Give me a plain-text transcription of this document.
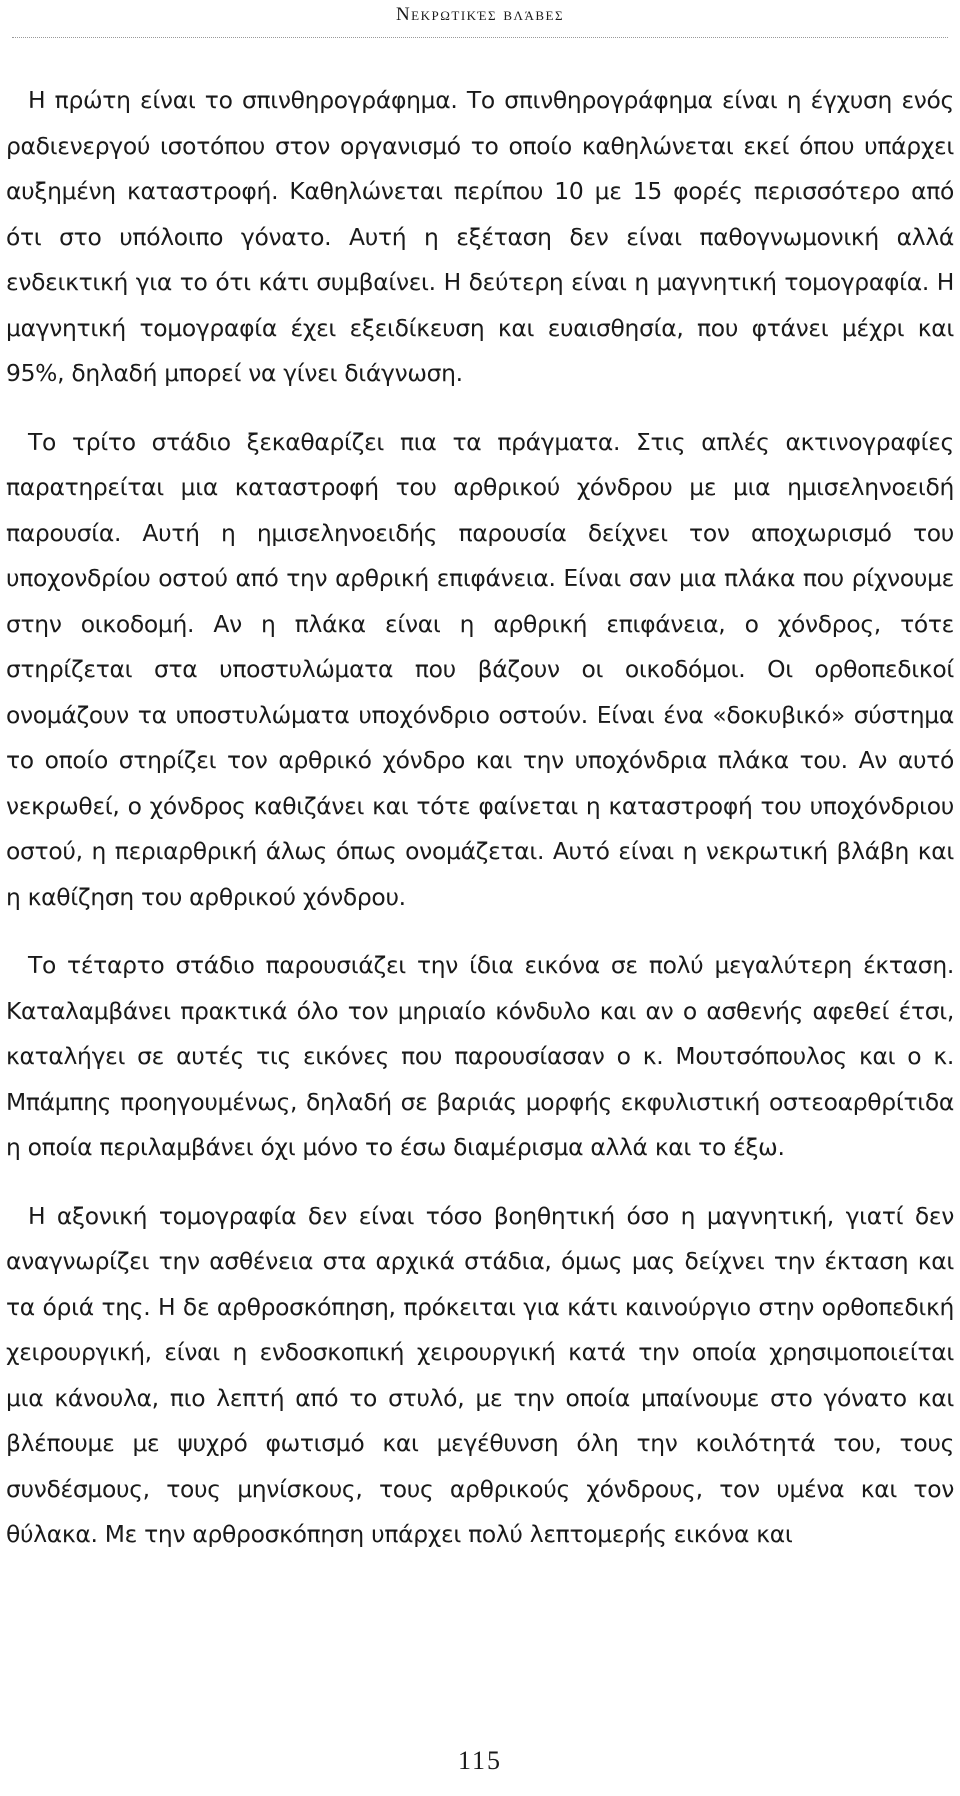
Νεκρωτικές βλάβες

Η πρώτη είναι το σπινθηρογράφημα. Το σπινθηρογράφημα είναι η έγχυση ενός ραδιενεργού ισοτόπου στον οργανισμό το οποίο καθηλώνεται εκεί όπου υπάρχει αυξημένη καταστροφή. Καθηλώνεται περίπου 10 με 15 φορές περισσότερο από ότι στο υπόλοιπο γόνατο. Αυτή η εξέταση δεν είναι παθογνωμονική αλλά ενδεικτική για το ότι κάτι συμβαίνει. Η δεύτερη είναι η μαγνητική τομογραφία. Η μαγνητική τομογραφία έχει εξειδίκευση και ευαισθησία, που φτάνει μέχρι και 95%, δηλαδή μπορεί να γίνει διάγνωση.

Το τρίτο στάδιο ξεκαθαρίζει πια τα πράγματα. Στις απλές ακτινογραφίες παρατηρείται μια καταστροφή του αρθρικού χόνδρου με μια ημισεληνοειδή παρουσία. Αυτή η ημισεληνοειδής παρουσία δείχνει τον αποχωρισμό του υποχονδρίου οστού από την αρθρική επιφάνεια. Είναι σαν μια πλάκα που ρίχνουμε στην οικοδομή. Αν η πλάκα είναι η αρθρική επιφάνεια, ο χόνδρος, τότε στηρίζεται στα υποστυλώματα που βάζουν οι οικοδόμοι. Οι ορθοπεδικοί ονομάζουν τα υποστυλώματα υποχόνδριο οστούν. Είναι ένα «δοκυβικό» σύστημα το οποίο στηρίζει τον αρθρικό χόνδρο και την υποχόνδρια πλάκα του. Αν αυτό νεκρωθεί, ο χόνδρος καθιζάνει και τότε φαίνεται η καταστροφή του υποχόνδριου οστού, η περιαρθρική άλως όπως ονομάζεται. Αυτό είναι η νεκρωτική βλάβη και η καθίζηση του αρθρικού χόνδρου.

Το τέταρτο στάδιο παρουσιάζει την ίδια εικόνα σε πολύ μεγαλύτερη έκταση. Καταλαμβάνει πρακτικά όλο τον μηριαίο κόνδυλο και αν ο ασθενής αφεθεί έτσι, καταλήγει σε αυτές τις εικόνες που παρουσίασαν ο κ. Μουτσόπουλος και ο κ. Μπάμπης προηγουμένως, δηλαδή σε βαριάς μορφής εκφυλιστική οστεοαρθρίτιδα η οποία περιλαμβάνει όχι μόνο το έσω διαμέρισμα αλλά και το έξω.

Η αξονική τομογραφία δεν είναι τόσο βοηθητική όσο η μαγνητική, γιατί δεν αναγνωρίζει την ασθένεια στα αρχικά στάδια, όμως μας δείχνει την έκταση και τα όριά της. Η δε αρθροσκόπηση, πρόκειται για κάτι καινούργιο στην ορθοπεδική χειρουργική, είναι η ενδοσκοπική χειρουργική κατά την οποία χρησιμοποιείται μια κάνουλα, πιο λεπτή από το στυλό, με την οποία μπαίνουμε στο γόνατο και βλέπουμε με ψυχρό φωτισμό και μεγέθυνση όλη την κοιλότητά του, τους συνδέσμους, τους μηνίσκους, τους αρθρικούς χόνδρους, τον υμένα και τον θύλακα. Με την αρθροσκόπηση υπάρχει πολύ λεπτομερής εικόνα και

115
